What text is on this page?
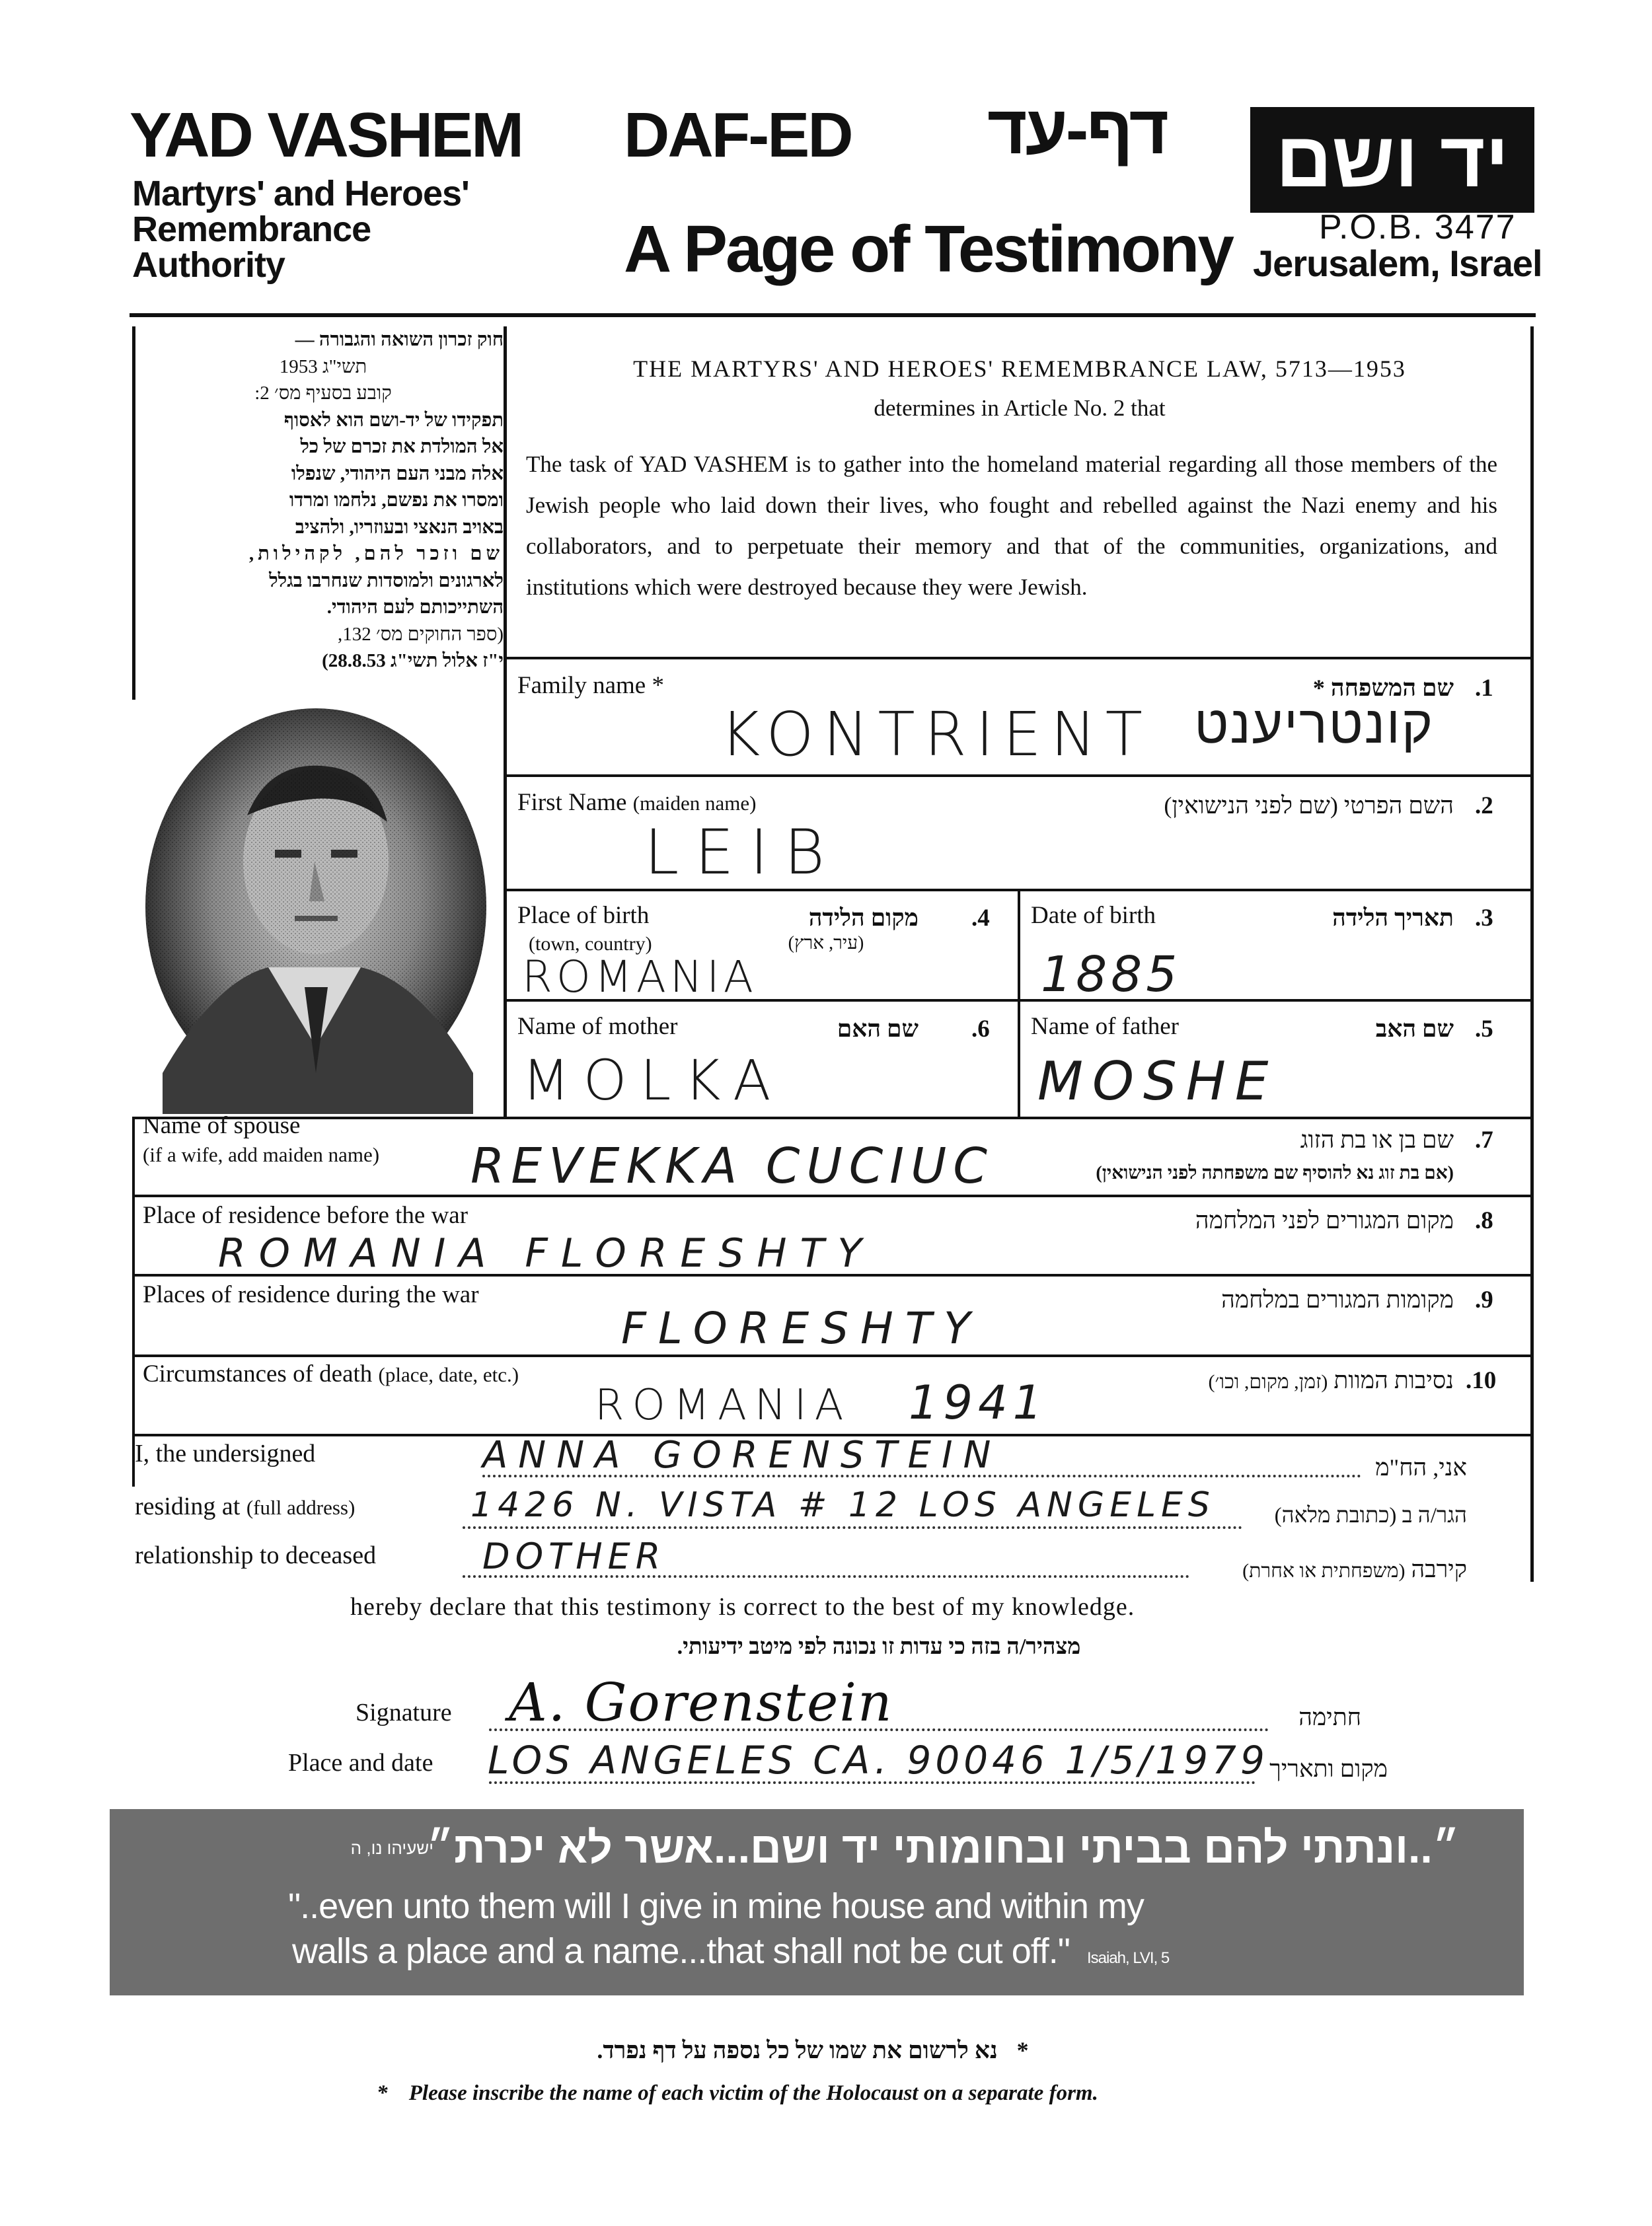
YAD VASHEM
Martyrs' and Heroes'
Remembrance
Authority
DAF-ED	דף-עד
A Page of Testimony
יד ושם
P.O.B. 3477
Jerusalem, Israel
חוק זכרון השואה והגבורה —
תשי"ג 1953
קובע בסעיף מס׳ 2:
תפקידו של יד-ושם הוא לאסוף
אל המולדת את זכרם של כל
אלה מבני העם היהודי, שנפלו
ומסרו את נפשם, נלחמו ומרדו
באויב הנאצי ובעוזריו, ולהציב
שם וזכר להם, לקהילות,
לארגונים ולמוסדות שנחרבו בגלל
השתייכותם לעם היהודי.
(ספר החוקים מס׳ 132,
י"ז אלול תשי"ג 28.8.53)
THE MARTYRS' AND HEROES' REMEMBRANCE LAW, 5713—1953
determines in Article No. 2 that
The task of YAD VASHEM is to gather into the homeland material regarding all those members of the Jewish people who laid down their lives, who fought and rebelled against the Nazi enemy and his collaborators, and to perpetuate their memory and that of the communities, organizations, and institutions which were destroyed because they were Jewish.
Family name *	שם המשפחה * .1
KONTRIENT קונטריענט
First Name (maiden name)	השם הפרטי (שם לפני הנישואין) .2
LEIB
Place of birth
(town, country)
מקום הלידה
(עיר, ארץ)
.4
ROMANIA
Date of birth	תאריך הלידה .3
1885
Name of mother	שם האם .6
MOLKA
Name of father	שם האב .5
MOSHE
Name of spouse
(if a wife, add maiden name)
שם בן או בת הזוג
(אם בת זוג נא להוסיף שם משפחתה לפני הנישואין)
.7
REVEKKA CUCIUC
Place of residence before the war	מקום המגורים לפני המלחמה .8
ROMANIA FLORESHTY
Places of residence during the war	מקומות המגורים במלחמה .9
FLORESHTY
Circumstances of death (place, date, etc.)	נסיבות המוות (זמן, מקום, וכו׳)	.10
ROMANIA 1941
I, the undersigned	ANNA GORENSTEIN	אני, הח"מ
residing at (full address)	1426 N. VISTA # 12 LOS ANGELES	הגר/ה ב (כתובת מלאה)
relationship to deceased	DOTHER	קירבה (משפחתית או אחרת)
hereby declare that this testimony is correct to the best of my knowledge.
מצהיר/ה בזה כי עדות זו נכונה לפי מיטב ידיעותי.
Signature A. Gorenstein	חתימה
Place and date LOS ANGELES CA. 90046 1/5/1979 מקום ותאריך
״..ונתתי להם בביתי ובחומותי יד ושם...אשר לא יכרת״
ישעיהו נו, ה
"..even unto them will I give in mine house and within my
walls a place and a name...that shall not be cut off." Isaiah, LVI, 5
נא לרשום את שמו של כל נספה על דף נפרד. *
* Please inscribe the name of each victim of the Holocaust on a separate form.
